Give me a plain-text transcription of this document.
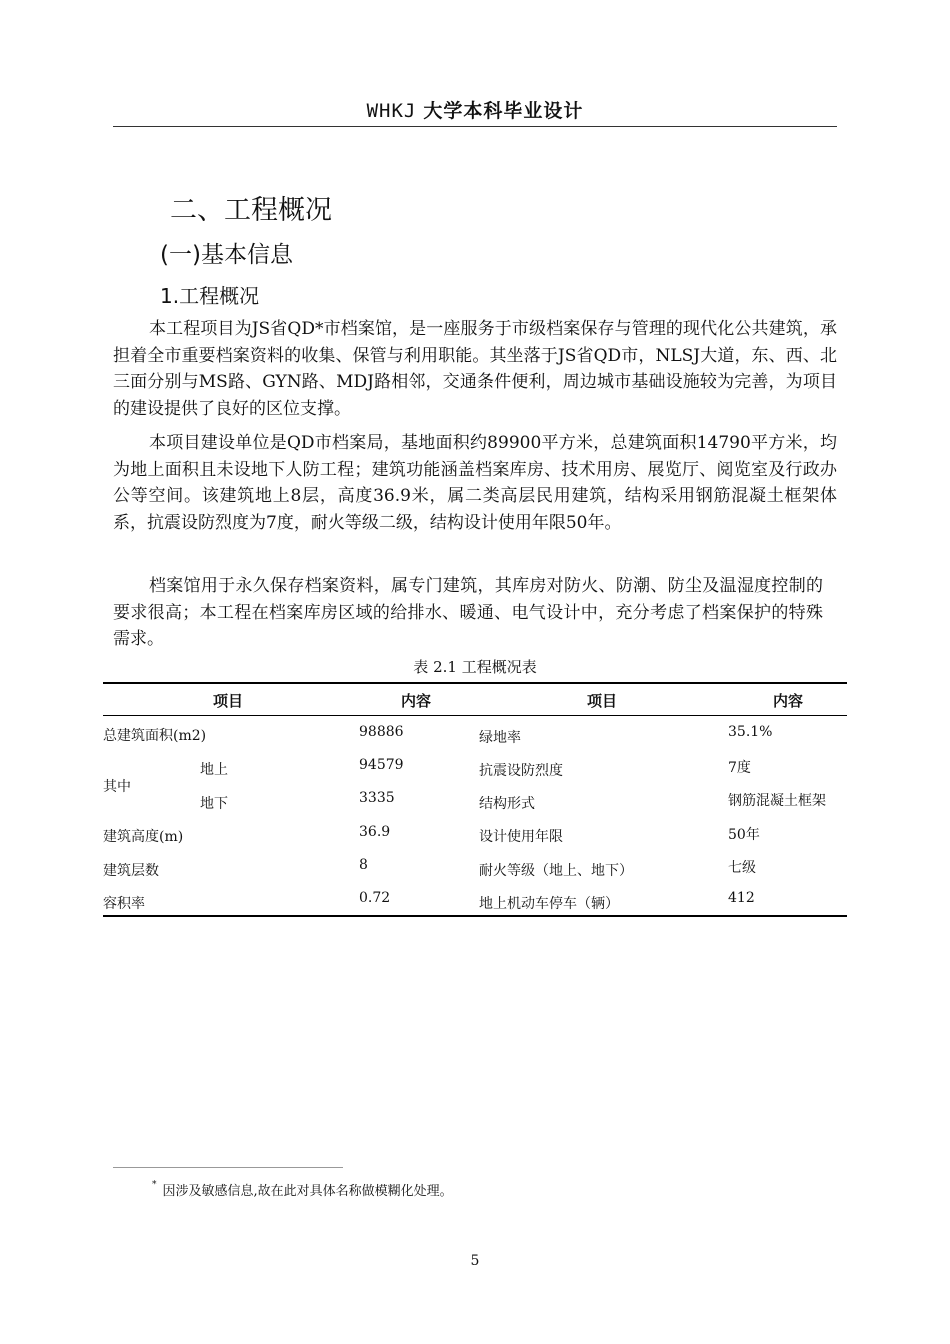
WHKJ 大学本科毕业设计
二、工程概况
(一)基本信息
1.工程概况

本工程项目为JS省QD*市档案馆，是一座服务于市级档案保存与管理的现代化公共建筑，承担着全市重要档案资料的收集、保管与利用职能。其坐落于JS省QD市，NLSJ大道，东、西、北三面分别与MS路、GYN路、MDJ路相邻，交通条件便利，周边城市基础设施较为完善，为项目的建设提供了良好的区位支撑。

本项目建设单位是QD市档案局，基地面积约89900平方米，总建筑面积14790平方米，均为地上面积且未设地下人防工程；建筑功能涵盖档案库房、技术用房、展览厅、阅览室及行政办公等空间。该建筑地上8层，高度36.9米，属二类高层民用建筑，结构采用钢筋混凝土框架体系，抗震设防烈度为7度，耐火等级二级，结构设计使用年限50年。

档案馆用于永久保存档案资料，属专门建筑，其库房对防火、防潮、防尘及温湿度控制的要求很高；本工程在档案库房区域的给排水、暖通、电气设计中，充分考虑了档案保护的特殊需求。

表 2.1 工程概况表
项目	内容	项目	内容
总建筑面积(m2)	98886	绿地率	35.1%
其中
地上	94579	抗震设防烈度	7度
地下	3335	结构形式	钢筋混凝土框架
建筑高度(m)	36.9	设计使用年限	50年
建筑层数	8	耐火等级（地上、地下）	七级
容积率	0.72	地上机动车停车（辆）	412
* 因涉及敏感信息,故在此对具体名称做模糊化处理。
5
